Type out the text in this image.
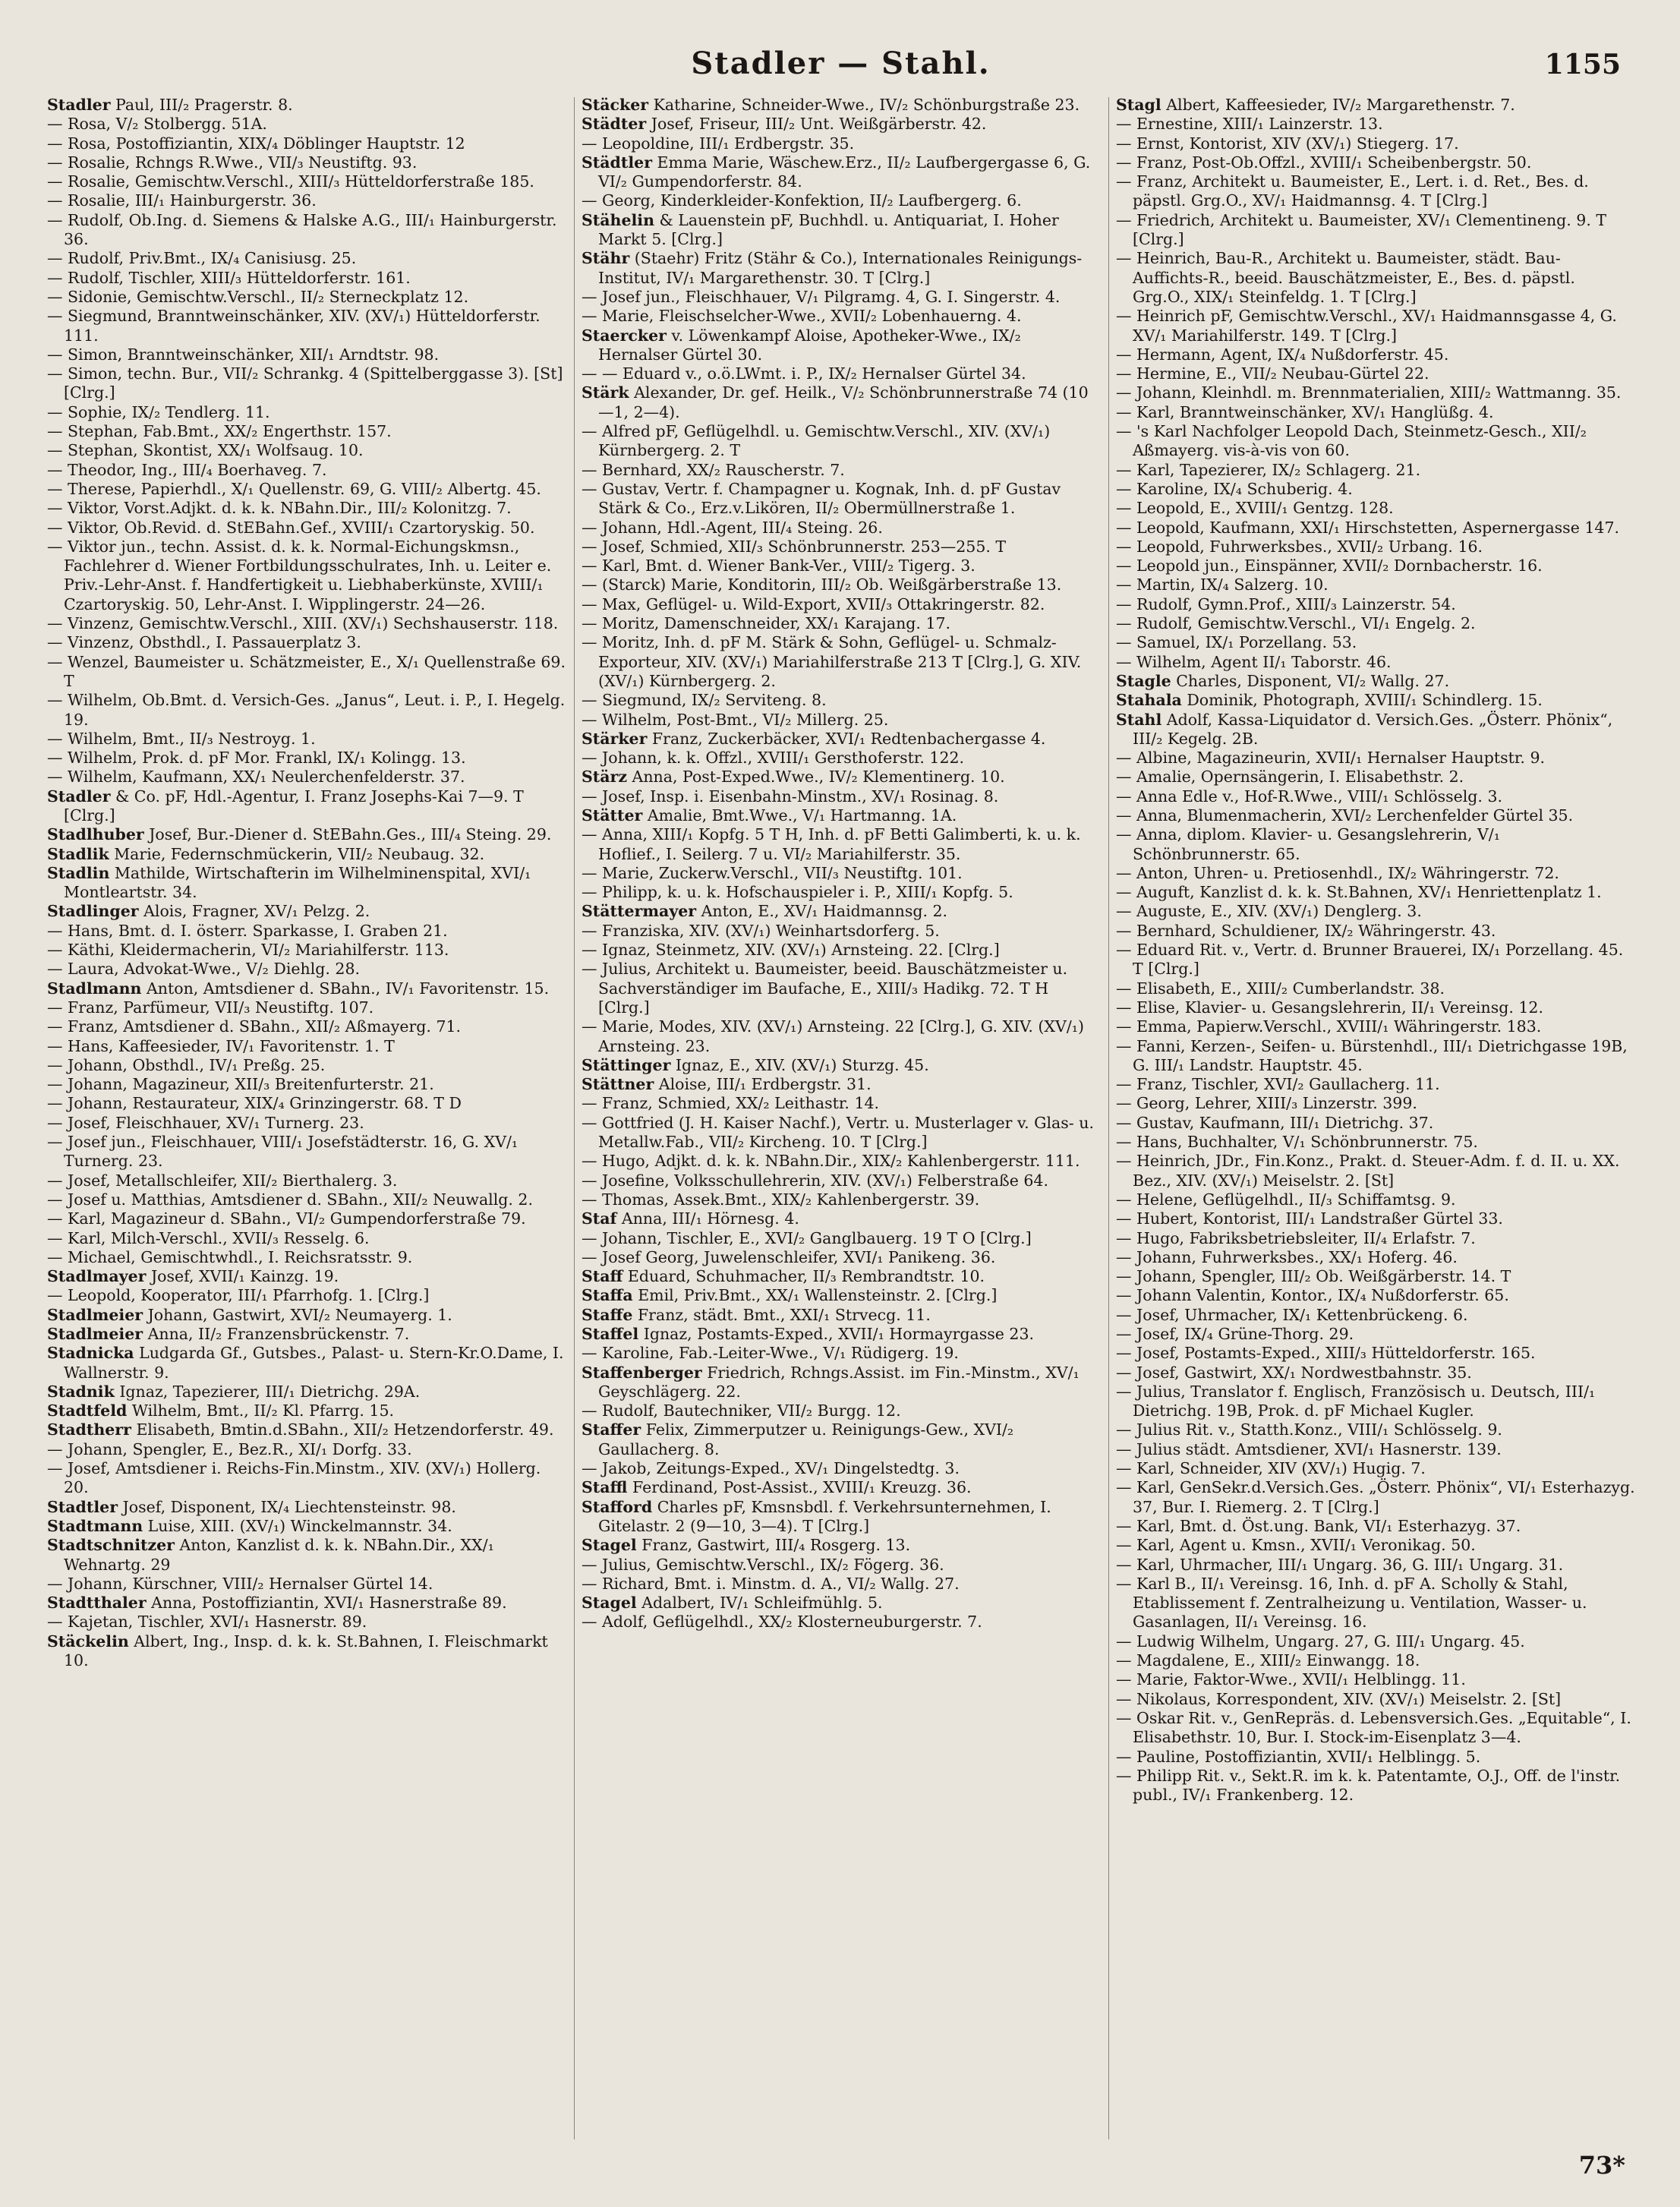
Stadler — Stahl.	1155
Stadler Paul, III/₂ Pragerstr. 8.
— Rosa, V/₂ Stolbergg. 51A.
— Rosa, Postoffiziantin, XIX/₄ Döblinger Hauptstr. 12
— Rosalie, Rchngs R.Wwe., VII/₃ Neustiftg. 93.
— Rosalie, Gemischtw.Verschl., XIII/₃ Hütteldorferstraße 185.
— Rosalie, III/₁ Hainburgerstr. 36.
— Rudolf, Ob.Ing. d. Siemens & Halske A.G., III/₁ Hainburgerstr. 36.
— Rudolf, Priv.Bmt., IX/₄ Canisiusg. 25.
— Rudolf, Tischler, XIII/₃ Hütteldorferstr. 161.
— Sidonie, Gemischtw.Verschl., II/₂ Sterneckplatz 12.
— Siegmund, Branntweinschänker, XIV. (XV/₁) Hütteldorferstr. 111.
— Simon, Branntweinschänker, XII/₁ Arndtstr. 98.
— Simon, techn. Bur., VII/₂ Schrankg. 4 (Spittelberggasse 3). [St] [Clrg.]
— Sophie, IX/₂ Tendlerg. 11.
— Stephan, Fab.Bmt., XX/₂ Engerthstr. 157.
— Stephan, Skontist, XX/₁ Wolfsaug. 10.
— Theodor, Ing., III/₄ Boerhaveg. 7.
— Therese, Papierhdl., X/₁ Quellenstr. 69, G. VIII/₂ Albertg. 45.
— Viktor, Vorst.Adjkt. d. k. k. NBahn.Dir., III/₂ Kolonitzg. 7.
— Viktor, Ob.Revid. d. StEBahn.Gef., XVIII/₁ Czartoryskig. 50.
— Viktor jun., techn. Assist. d. k. k. Normal-Eichungskmsn., Fachlehrer d. Wiener Fortbildungsschulrates, Inh. u. Leiter e. Priv.-Lehr-Anst. f. Handfertigkeit u. Liebhaberkünste, XVIII/₁ Czartoryskig. 50, Lehr-Anst. I. Wipplingerstr. 24—26.
— Vinzenz, Gemischtw.Verschl., XIII. (XV/₁) Sechshauserstr. 118.
— Vinzenz, Obsthdl., I. Passauerplatz 3.
— Wenzel, Baumeister u. Schätzmeister, E., X/₁ Quellenstraße 69. T
— Wilhelm, Ob.Bmt. d. Versich-Ges. „Janus“, Leut. i. P., I. Hegelg. 19.
— Wilhelm, Bmt., II/₃ Nestroyg. 1.
— Wilhelm, Prok. d. pF Mor. Frankl, IX/₁ Kolingg. 13.
— Wilhelm, Kaufmann, XX/₁ Neulerchenfelderstr. 37.
Stadler & Co. pF, Hdl.-Agentur, I. Franz Josephs-Kai 7—9. T [Clrg.]
Stadlhuber Josef, Bur.-Diener d. StEBahn.Ges., III/₄ Steing. 29.
Stadlik Marie, Federnschmückerin, VII/₂ Neubaug. 32.
Stadlin Mathilde, Wirtschafterin im Wilhelminenspital, XVI/₁ Montleartstr. 34.
Stadlinger Alois, Fragner, XV/₁ Pelzg. 2.
— Hans, Bmt. d. I. österr. Sparkasse, I. Graben 21.
— Käthi, Kleidermacherin, VI/₂ Mariahilferstr. 113.
— Laura, Advokat-Wwe., V/₂ Diehlg. 28.
Stadlmann Anton, Amtsdiener d. SBahn., IV/₁ Favoritenstr. 15.
— Franz, Parfümeur, VII/₃ Neustiftg. 107.
— Franz, Amtsdiener d. SBahn., XII/₂ Aßmayerg. 71.
— Hans, Kaffeesieder, IV/₁ Favoritenstr. 1. T
— Johann, Obsthdl., IV/₁ Preßg. 25.
— Johann, Magazineur, XII/₃ Breitenfurterstr. 21.
— Johann, Restaurateur, XIX/₄ Grinzingerstr. 68. T D
— Josef, Fleischhauer, XV/₁ Turnerg. 23.
— Josef jun., Fleischhauer, VIII/₁ Josefstädterstr. 16, G. XV/₁ Turnerg. 23.
— Josef, Metallschleifer, XII/₂ Bierthalerg. 3.
— Josef u. Matthias, Amtsdiener d. SBahn., XII/₂ Neuwallg. 2.
— Karl, Magazineur d. SBahn., VI/₂ Gumpendorferstraße 79.
— Karl, Milch-Verschl., XVII/₃ Resselg. 6.
— Michael, Gemischtwhdl., I. Reichsratsstr. 9.
Stadlmayer Josef, XVII/₁ Kainzg. 19.
— Leopold, Kooperator, III/₁ Pfarrhofg. 1. [Clrg.]
Stadlmeier Johann, Gastwirt, XVI/₂ Neumayerg. 1.
Stadlmeier Anna, II/₂ Franzensbrückenstr. 7.
Stadnicka Ludgarda Gf., Gutsbes., Palast- u. Stern-Kr.O.Dame, I. Wallnerstr. 9.
Stadnik Ignaz, Tapezierer, III/₁ Dietrichg. 29A.
Stadtfeld Wilhelm, Bmt., II/₂ Kl. Pfarrg. 15.
Stadtherr Elisabeth, Bmtin.d.SBahn., XII/₂ Hetzendorferstr. 49.
— Johann, Spengler, E., Bez.R., XI/₁ Dorfg. 33.
— Josef, Amtsdiener i. Reichs-Fin.Minstm., XIV. (XV/₁) Hollerg. 20.
Stadtler Josef, Disponent, IX/₄ Liechtensteinstr. 98.
Stadtmann Luise, XIII. (XV/₁) Winckelmannstr. 34.
Stadtschnitzer Anton, Kanzlist d. k. k. NBahn.Dir., XX/₁ Wehnartg. 29
— Johann, Kürschner, VIII/₂ Hernalser Gürtel 14.
Stadtthaler Anna, Postoffiziantin, XVI/₁ Hasnerstraße 89.
— Kajetan, Tischler, XVI/₁ Hasnerstr. 89.
Stäckelin Albert, Ing., Insp. d. k. k. St.Bahnen, I. Fleischmarkt 10.
Stäcker Katharine, Schneider-Wwe., IV/₂ Schönburgstraße 23.
Städter Josef, Friseur, III/₂ Unt. Weißgärberstr. 42.
— Leopoldine, III/₁ Erdbergstr. 35.
Städtler Emma Marie, Wäschew.Erz., II/₂ Laufbergergasse 6, G. VI/₂ Gumpendorferstr. 84.
— Georg, Kinderkleider-Konfektion, II/₂ Laufbergerg. 6.
Stähelin & Lauenstein pF, Buchhdl. u. Antiquariat, I. Hoher Markt 5. [Clrg.]
Stähr (Staehr) Fritz (Stähr & Co.), Internationales Reinigungs-Institut, IV/₁ Margarethenstr. 30. T [Clrg.]
— Josef jun., Fleischhauer, V/₁ Pilgramg. 4, G. I. Singerstr. 4.
— Marie, Fleischselcher-Wwe., XVII/₂ Lobenhauerng. 4.
Staercker v. Löwenkampf Aloise, Apotheker-Wwe., IX/₂ Hernalser Gürtel 30.
— — Eduard v., o.ö.LWmt. i. P., IX/₂ Hernalser Gürtel 34.
Stärk Alexander, Dr. gef. Heilk., V/₂ Schönbrunnerstraße 74 (10—1, 2—4).
— Alfred pF, Geflügelhdl. u. Gemischtw.Verschl., XIV. (XV/₁) Kürnbergerg. 2. T
— Bernhard, XX/₂ Rauscherstr. 7.
— Gustav, Vertr. f. Champagner u. Kognak, Inh. d. pF Gustav Stärk & Co., Erz.v.Likören, II/₂ Obermüllnerstraße 1.
— Johann, Hdl.-Agent, III/₄ Steing. 26.
— Josef, Schmied, XII/₃ Schönbrunnerstr. 253—255. T
— Karl, Bmt. d. Wiener Bank-Ver., VIII/₂ Tigerg. 3.
— (Starck) Marie, Konditorin, III/₂ Ob. Weißgärberstraße 13.
— Max, Geflügel- u. Wild-Export, XVII/₃ Ottakringerstr. 82.
— Moritz, Damenschneider, XX/₁ Karajang. 17.
— Moritz, Inh. d. pF M. Stärk & Sohn, Geflügel- u. Schmalz-Exporteur, XIV. (XV/₁) Mariahilferstraße 213 T [Clrg.], G. XIV. (XV/₁) Kürnbergerg. 2.
— Siegmund, IX/₂ Serviteng. 8.
— Wilhelm, Post-Bmt., VI/₂ Millerg. 25.
Stärker Franz, Zuckerbäcker, XVI/₁ Redtenbachergasse 4.
— Johann, k. k. Offzl., XVIII/₁ Gersthoferstr. 122.
Stärz Anna, Post-Exped.Wwe., IV/₂ Klementinerg. 10.
— Josef, Insp. i. Eisenbahn-Minstm., XV/₁ Rosinag. 8.
Stätter Amalie, Bmt.Wwe., V/₁ Hartmanng. 1A.
— Anna, XIII/₁ Kopfg. 5 T H, Inh. d. pF Betti Galimberti, k. u. k. Hoflief., I. Seilerg. 7 u. VI/₂ Mariahilferstr. 35.
— Marie, Zuckerw.Verschl., VII/₃ Neustiftg. 101.
— Philipp, k. u. k. Hofschauspieler i. P., XIII/₁ Kopfg. 5.
Stättermayer Anton, E., XV/₁ Haidmannsg. 2.
— Franziska, XIV. (XV/₁) Weinhartsdorferg. 5.
— Ignaz, Steinmetz, XIV. (XV/₁) Arnsteing. 22. [Clrg.]
— Julius, Architekt u. Baumeister, beeid. Bauschätzmeister u. Sachverständiger im Baufache, E., XIII/₃ Hadikg. 72. T H [Clrg.]
— Marie, Modes, XIV. (XV/₁) Arnsteing. 22 [Clrg.], G. XIV. (XV/₁) Arnsteing. 23.
Stättinger Ignaz, E., XIV. (XV/₁) Sturzg. 45.
Stättner Aloise, III/₁ Erdbergstr. 31.
— Franz, Schmied, XX/₂ Leithastr. 14.
— Gottfried (J. H. Kaiser Nachf.), Vertr. u. Musterlager v. Glas- u. Metallw.Fab., VII/₂ Kircheng. 10. T [Clrg.]
— Hugo, Adjkt. d. k. k. NBahn.Dir., XIX/₂ Kahlenbergerstr. 111.
— Josefine, Volksschullehrerin, XIV. (XV/₁) Felberstraße 64.
— Thomas, Assek.Bmt., XIX/₂ Kahlenbergerstr. 39.
Staf Anna, III/₁ Hörnesg. 4.
— Johann, Tischler, E., XVI/₂ Ganglbauerg. 19 T O [Clrg.]
— Josef Georg, Juwelenschleifer, XVI/₁ Panikeng. 36.
Staff Eduard, Schuhmacher, II/₃ Rembrandtstr. 10.
Staffa Emil, Priv.Bmt., XX/₁ Wallensteinstr. 2. [Clrg.]
Staffe Franz, städt. Bmt., XXI/₁ Strvecg. 11.
Staffel Ignaz, Postamts-Exped., XVII/₁ Hormayrgasse 23.
— Karoline, Fab.-Leiter-Wwe., V/₁ Rüdigerg. 19.
Staffenberger Friedrich, Rchngs.Assist. im Fin.-Minstm., XV/₁ Geyschlägerg. 22.
— Rudolf, Bautechniker, VII/₂ Burgg. 12.
Staffer Felix, Zimmerputzer u. Reinigungs-Gew., XVI/₂ Gaullacherg. 8.
— Jakob, Zeitungs-Exped., XV/₁ Dingelstedtg. 3.
Staffl Ferdinand, Post-Assist., XVIII/₁ Kreuzg. 36.
Stafford Charles pF, Kmsnsbdl. f. Verkehrsunternehmen, I. Gitelastr. 2 (9—10, 3—4). T [Clrg.]
Stagel Franz, Gastwirt, III/₄ Rosgerg. 13.
— Julius, Gemischtw.Verschl., IX/₂ Fögerg. 36.
— Richard, Bmt. i. Minstm. d. A., VI/₂ Wallg. 27.
Stagel Adalbert, IV/₁ Schleifmühlg. 5.
— Adolf, Geflügelhdl., XX/₂ Klosterneuburgerstr. 7.
Stagl Albert, Kaffeesieder, IV/₂ Margarethenstr. 7.
— Ernestine, XIII/₁ Lainzerstr. 13.
— Ernst, Kontorist, XIV (XV/₁) Stiegerg. 17.
— Franz, Post-Ob.Offzl., XVIII/₁ Scheibenbergstr. 50.
— Franz, Architekt u. Baumeister, E., Lert. i. d. Ret., Bes. d. päpstl. Grg.O., XV/₁ Haidmannsg. 4. T [Clrg.]
— Friedrich, Architekt u. Baumeister, XV/₁ Clementineng. 9. T [Clrg.]
— Heinrich, Bau-R., Architekt u. Baumeister, städt. Bau-Auffichts-R., beeid. Bauschätzmeister, E., Bes. d. päpstl. Grg.O., XIX/₁ Steinfeldg. 1. T [Clrg.]
— Heinrich pF, Gemischtw.Verschl., XV/₁ Haidmannsgasse 4, G. XV/₁ Mariahilferstr. 149. T [Clrg.]
— Hermann, Agent, IX/₄ Nußdorferstr. 45.
— Hermine, E., VII/₂ Neubau-Gürtel 22.
— Johann, Kleinhdl. m. Brennmaterialien, XIII/₂ Wattmanng. 35.
— Karl, Branntweinschänker, XV/₁ Hanglüßg. 4.
— 's Karl Nachfolger Leopold Dach, Steinmetz-Gesch., XII/₂ Aßmayerg. vis-à-vis von 60.
— Karl, Tapezierer, IX/₂ Schlagerg. 21.
— Karoline, IX/₄ Schuberig. 4.
— Leopold, E., XVIII/₁ Gentzg. 128.
— Leopold, Kaufmann, XXI/₁ Hirschstetten, Aspernergasse 147.
— Leopold, Fuhrwerksbes., XVII/₂ Urbang. 16.
— Leopold jun., Einspänner, XVII/₂ Dornbacherstr. 16.
— Martin, IX/₄ Salzerg. 10.
— Rudolf, Gymn.Prof., XIII/₃ Lainzerstr. 54.
— Rudolf, Gemischtw.Verschl., VI/₁ Engelg. 2.
— Samuel, IX/₁ Porzellang. 53.
— Wilhelm, Agent II/₁ Taborstr. 46.
Stagle Charles, Disponent, VI/₂ Wallg. 27.
Stahala Dominik, Photograph, XVIII/₁ Schindlerg. 15.
Stahl Adolf, Kassa-Liquidator d. Versich.Ges. „Österr. Phönix“, III/₂ Kegelg. 2B.
— Albine, Magazineurin, XVII/₁ Hernalser Hauptstr. 9.
— Amalie, Opernsängerin, I. Elisabethstr. 2.
— Anna Edle v., Hof-R.Wwe., VIII/₁ Schlösselg. 3.
— Anna, Blumenmacherin, XVI/₂ Lerchenfelder Gürtel 35.
— Anna, diplom. Klavier- u. Gesangslehrerin, V/₁ Schönbrunnerstr. 65.
— Anton, Uhren- u. Pretiosenhdl., IX/₂ Währingerstr. 72.
— Auguft, Kanzlist d. k. k. St.Bahnen, XV/₁ Henriettenplatz 1.
— Auguste, E., XIV. (XV/₁) Denglerg. 3.
— Bernhard, Schuldiener, IX/₂ Währingerstr. 43.
— Eduard Rit. v., Vertr. d. Brunner Brauerei, IX/₁ Porzellang. 45. T [Clrg.]
— Elisabeth, E., XIII/₂ Cumberlandstr. 38.
— Elise, Klavier- u. Gesangslehrerin, II/₁ Vereinsg. 12.
— Emma, Papierw.Verschl., XVIII/₁ Währingerstr. 183.
— Fanni, Kerzen-, Seifen- u. Bürstenhdl., III/₁ Dietrichgasse 19B, G. III/₁ Landstr. Hauptstr. 45.
— Franz, Tischler, XVI/₂ Gaullacherg. 11.
— Georg, Lehrer, XIII/₃ Linzerstr. 399.
— Gustav, Kaufmann, III/₁ Dietrichg. 37.
— Hans, Buchhalter, V/₁ Schönbrunnerstr. 75.
— Heinrich, JDr., Fin.Konz., Prakt. d. Steuer-Adm. f. d. II. u. XX. Bez., XIV. (XV/₁) Meiselstr. 2. [St]
— Helene, Geflügelhdl., II/₃ Schiffamtsg. 9.
— Hubert, Kontorist, III/₁ Landstraßer Gürtel 33.
— Hugo, Fabriksbetriebsleiter, II/₄ Erlafstr. 7.
— Johann, Fuhrwerksbes., XX/₁ Hoferg. 46.
— Johann, Spengler, III/₂ Ob. Weißgärberstr. 14. T
— Johann Valentin, Kontor., IX/₄ Nußdorferstr. 65.
— Josef, Uhrmacher, IX/₁ Kettenbrückeng. 6.
— Josef, IX/₄ Grüne-Thorg. 29.
— Josef, Postamts-Exped., XIII/₃ Hütteldorferstr. 165.
— Josef, Gastwirt, XX/₁ Nordwestbahnstr. 35.
— Julius, Translator f. Englisch, Französisch u. Deutsch, III/₁ Dietrichg. 19B, Prok. d. pF Michael Kugler.
— Julius Rit. v., Statth.Konz., VIII/₁ Schlösselg. 9.
— Julius städt. Amtsdiener, XVI/₁ Hasnerstr. 139.
— Karl, Schneider, XIV (XV/₁) Hugig. 7.
— Karl, GenSekr.d.Versich.Ges. „Österr. Phönix“, VI/₁ Esterhazyg. 37, Bur. I. Riemerg. 2. T [Clrg.]
— Karl, Bmt. d. Öst.ung. Bank, VI/₁ Esterhazyg. 37.
— Karl, Agent u. Kmsn., XVII/₁ Veronikag. 50.
— Karl, Uhrmacher, III/₁ Ungarg. 36, G. III/₁ Ungarg. 31.
— Karl B., II/₁ Vereinsg. 16, Inh. d. pF A. Scholly & Stahl, Etablissement f. Zentralheizung u. Ventilation, Wasser- u. Gasanlagen, II/₁ Vereinsg. 16.
— Ludwig Wilhelm, Ungarg. 27, G. III/₁ Ungarg. 45.
— Magdalene, E., XIII/₂ Einwangg. 18.
— Marie, Faktor-Wwe., XVII/₁ Helblingg. 11.
— Nikolaus, Korrespondent, XIV. (XV/₁) Meiselstr. 2. [St]
— Oskar Rit. v., GenRepräs. d. Lebensversich.Ges. „Equitable“, I. Elisabethstr. 10, Bur. I. Stock-im-Eisenplatz 3—4.
— Pauline, Postoffiziantin, XVII/₁ Helblingg. 5.
— Philipp Rit. v., Sekt.R. im k. k. Patentamte, O.J., Off. de l'instr. publ., IV/₁ Frankenberg. 12.
73*
